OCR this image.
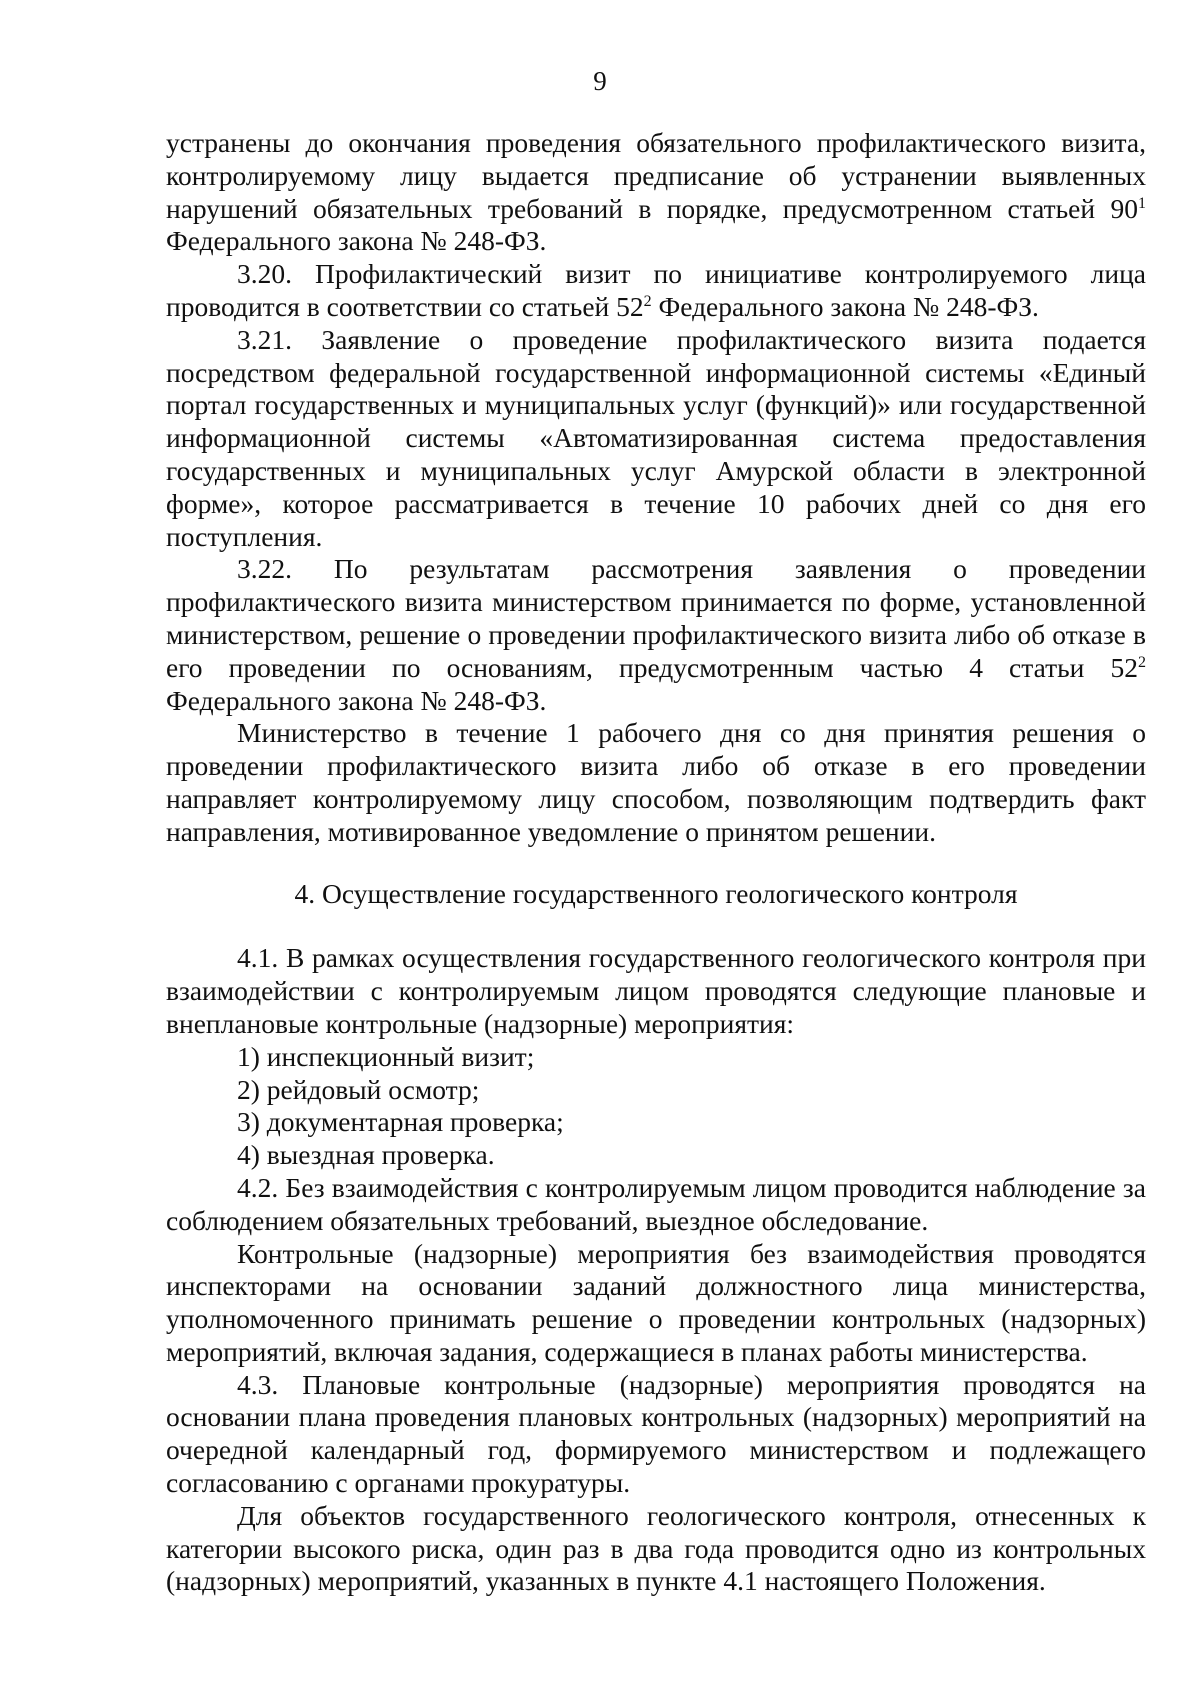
9

устранены до окончания проведения обязательного профилактического визита, контролируемому лицу выдается предписание об устранении выявленных нарушений обязательных требований в порядке, предусмотренном статьей $90^1$ Федерального закона № 248-ФЗ.

3.20. Профилактический визит по инициативе контролируемого лица проводится в соответствии со статьей $52^2$ Федерального закона № 248-ФЗ.

3.21. Заявление о проведение профилактического визита подается посредством федеральной государственной информационной системы «Единый портал государственных и муниципальных услуг (функций)» или государственной информационной системы «Автоматизированная система предоставления государственных и муниципальных услуг Амурской области в электронной форме», которое рассматривается в течение 10 рабочих дней со дня его поступления.

3.22. По результатам рассмотрения заявления о проведении профилактического визита министерством принимается по форме, установленной министерством, решение о проведении профилактического визита либо об отказе в его проведении по основаниям, предусмотренным частью 4 статьи $52^2$ Федерального закона № 248-ФЗ.

Министерство в течение 1 рабочего дня со дня принятия решения о проведении профилактического визита либо об отказе в его проведении направляет контролируемому лицу способом, позволяющим подтвердить факт направления, мотивированное уведомление о принятом решении.

4. Осуществление государственного геологического контроля

4.1. В рамках осуществления государственного геологического контроля при взаимодействии с контролируемым лицом проводятся следующие плановые и внеплановые контрольные (надзорные) мероприятия:

1) инспекционный визит;

2) рейдовый осмотр;

3) документарная проверка;

4) выездная проверка.

4.2. Без взаимодействия с контролируемым лицом проводится наблюдение за соблюдением обязательных требований, выездное обследование.

Контрольные (надзорные) мероприятия без взаимодействия проводятся инспекторами на основании заданий должностного лица министерства, уполномоченного принимать решение о проведении контрольных (надзорных) мероприятий, включая задания, содержащиеся в планах работы министерства.

4.3. Плановые контрольные (надзорные) мероприятия проводятся на основании плана проведения плановых контрольных (надзорных) мероприятий на очередной календарный год, формируемого министерством и подлежащего согласованию с органами прокуратуры.

Для объектов государственного геологического контроля, отнесенных к категории высокого риска, один раз в два года проводится одно из контрольных (надзорных) мероприятий, указанных в пункте 4.1 настоящего Положения.
